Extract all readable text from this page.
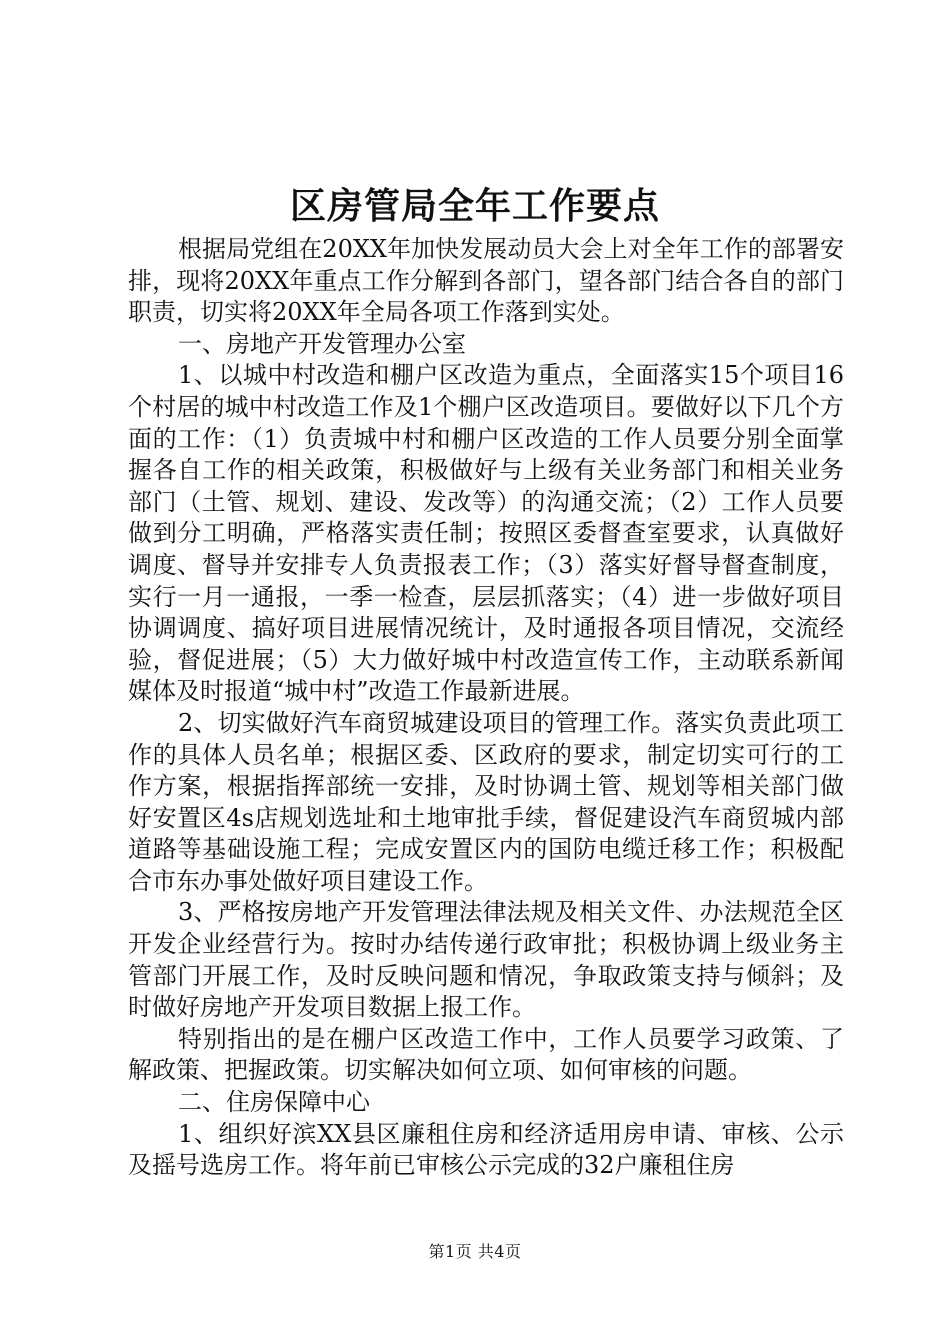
区房管局全年工作要点

根据局党组在20XX年加快发展动员大会上对全年工作的部署安排，现将20XX年重点工作分解到各部门，望各部门结合各自的部门职责，切实将20XX年全局各项工作落到实处。

一、房地产开发管理办公室

1、以城中村改造和棚户区改造为重点，全面落实15个项目16个村居的城中村改造工作及1个棚户区改造项目。要做好以下几个方面的工作：（1）负责城中村和棚户区改造的工作人员要分别全面掌握各自工作的相关政策，积极做好与上级有关业务部门和相关业务部门（土管、规划、建设、发改等）的沟通交流；（2）工作人员要做到分工明确，严格落实责任制；按照区委督查室要求，认真做好调度、督导并安排专人负责报表工作；（3）落实好督导督查制度，实行一月一通报，一季一检查，层层抓落实；（4）进一步做好项目协调调度、搞好项目进展情况统计，及时通报各项目情况，交流经验，督促进展；（5）大力做好城中村改造宣传工作，主动联系新闻媒体及时报道“城中村”改造工作最新进展。

2、切实做好汽车商贸城建设项目的管理工作。落实负责此项工作的具体人员名单；根据区委、区政府的要求，制定切实可行的工作方案，根据指挥部统一安排，及时协调土管、规划等相关部门做好安置区4s店规划选址和土地审批手续，督促建设汽车商贸城内部道路等基础设施工程；完成安置区内的国防电缆迁移工作；积极配合市东办事处做好项目建设工作。

3、严格按房地产开发管理法律法规及相关文件、办法规范全区开发企业经营行为。按时办结传递行政审批；积极协调上级业务主管部门开展工作，及时反映问题和情况，争取政策支持与倾斜；及时做好房地产开发项目数据上报工作。

特别指出的是在棚户区改造工作中，工作人员要学习政策、了解政策、把握政策。切实解决如何立项、如何审核的问题。

二、住房保障中心

1、组织好滨XX县区廉租住房和经济适用房申请、审核、公示及摇号选房工作。将年前已审核公示完成的32户廉租住房

第1页 共4页
